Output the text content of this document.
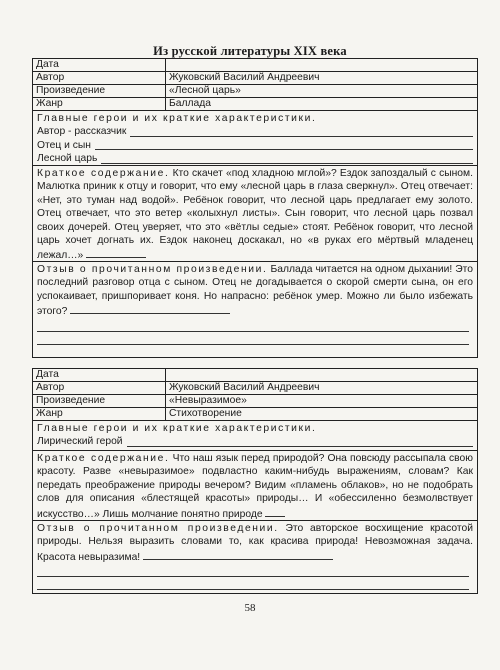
Из русской литературы XIX века
Дата
Автор	Жуковский Василий Андреевич
Произведение	«Лесной царь»
Жанр	Баллада
Главные герои и их краткие характеристики.
Автор - рассказчик
Отец и сын
Лесной царь
Краткое содержание. Кто скачет «под хладною мглой»? Ездок запоздалый с сыном. Малютка приник к отцу и говорит, что ему «лесной царь в глаза сверкнул». Отец отвечает: «Нет, это туман над водой». Ребёнок говорит, что лесной царь предлагает ему золото. Отец отвечает, что это ветер «колыхнул листы». Сын говорит, что лесной царь позвал своих дочерей. Отец уверяет, что это «вётлы седые» стоят. Ребёнок говорит, что лесной царь хочет догнать их. Ездок наконец доскакал, но «в руках его мёртвый младенец лежал…»
Отзыв о прочитанном произведении. Баллада читается на одном дыхании! Это последний разговор отца с сыном. Отец не догадывается о скорой смерти сына, он его успокаивает, пришпоривает коня. Но напрасно: ребёнок умер. Можно ли было избежать этого?
Дата
Автор	Жуковский Василий Андреевич
Произведение	«Невыразимое»
Жанр	Стихотворение
Главные герои и их краткие характеристики.
Лирический герой
Краткое содержание. Что наш язык перед природой? Она повсюду рассыпала свою красоту. Разве «невыразимое» подвластно каким-нибудь выражениям, словам? Как передать преображение природы вечером? Видим «пламень облаков», но не подобрать слов для описания «блестящей красоты» природы… И «обессиленно безмолвствует искусство…» Лишь молчание понятно природе
Отзыв о прочитанном произведении. Это авторское восхищение красотой природы. Нельзя выразить словами то, как красива природа! Невозможная задача. Красота невыразима!
58
